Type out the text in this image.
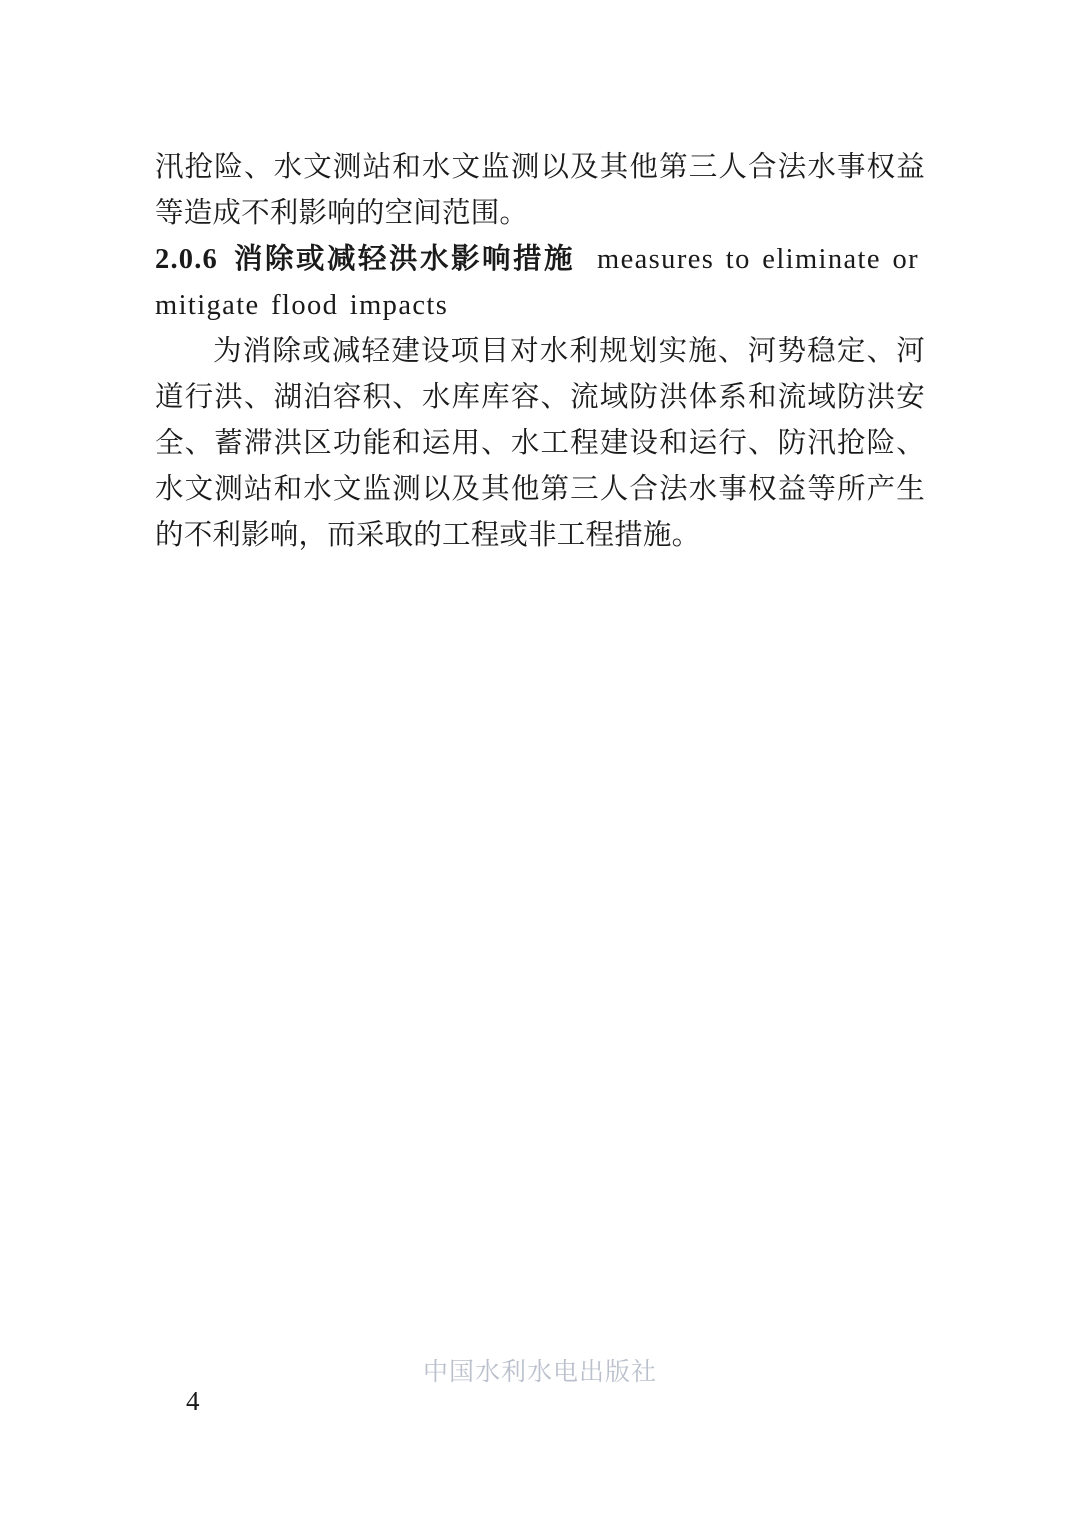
汛抢险、水文测站和水文监测以及其他第三人合法水事权益等造成不利影响的空间范围。

2.0.6 消除或减轻洪水影响措施 measures to eliminate or
mitigate flood impacts

为消除或减轻建设项目对水利规划实施、河势稳定、河道行洪、湖泊容积、水库库容、流域防洪体系和流域防洪安全、蓄滞洪区功能和运用、水工程建设和运行、防汛抢险、水文测站和水文监测以及其他第三人合法水事权益等所产生的不利影响，而采取的工程或非工程措施。

中国水利水电出版社
4
